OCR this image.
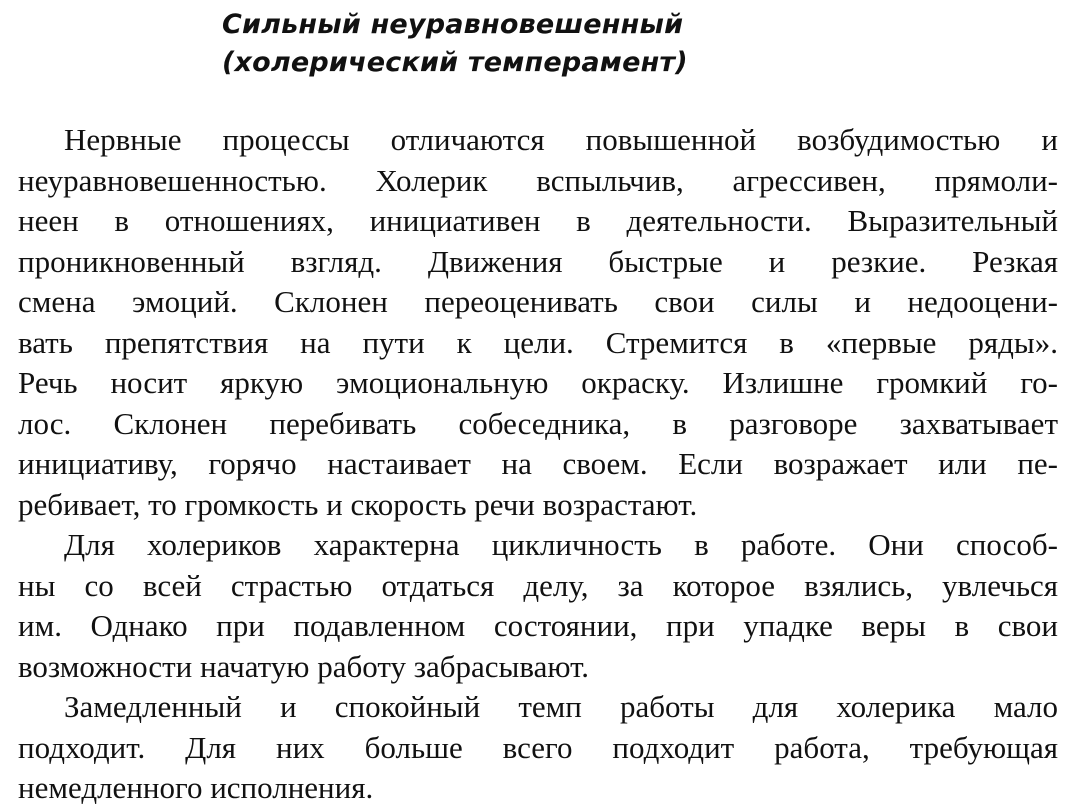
Сильный неуравновешенный
(холерический темперамент)

Нервные процессы отличаются повышенной возбудимостью и
неуравновешенностью. Холерик вспыльчив, агрессивен, прямоли-
неен в отношениях, инициативен в деятельности. Выразительный
проникновенный взгляд. Движения быстрые и резкие. Резкая
смена эмоций. Склонен переоценивать свои силы и недооцени-
вать препятствия на пути к цели. Стремится в «первые ряды».
Речь носит яркую эмоциональную окраску. Излишне громкий го-
лос. Склонен перебивать собеседника, в разговоре захватывает
инициативу, горячо настаивает на своем. Если возражает или пе-
ребивает, то громкость и скорость речи возрастают.

Для холериков характерна цикличность в работе. Они способ-
ны со всей страстью отдаться делу, за которое взялись, увлечься
им. Однако при подавленном состоянии, при упадке веры в свои
возможности начатую работу забрасывают.

Замедленный и спокойный темп работы для холерика мало
подходит. Для них больше всего подходит работа, требующая
немедленного исполнения.
